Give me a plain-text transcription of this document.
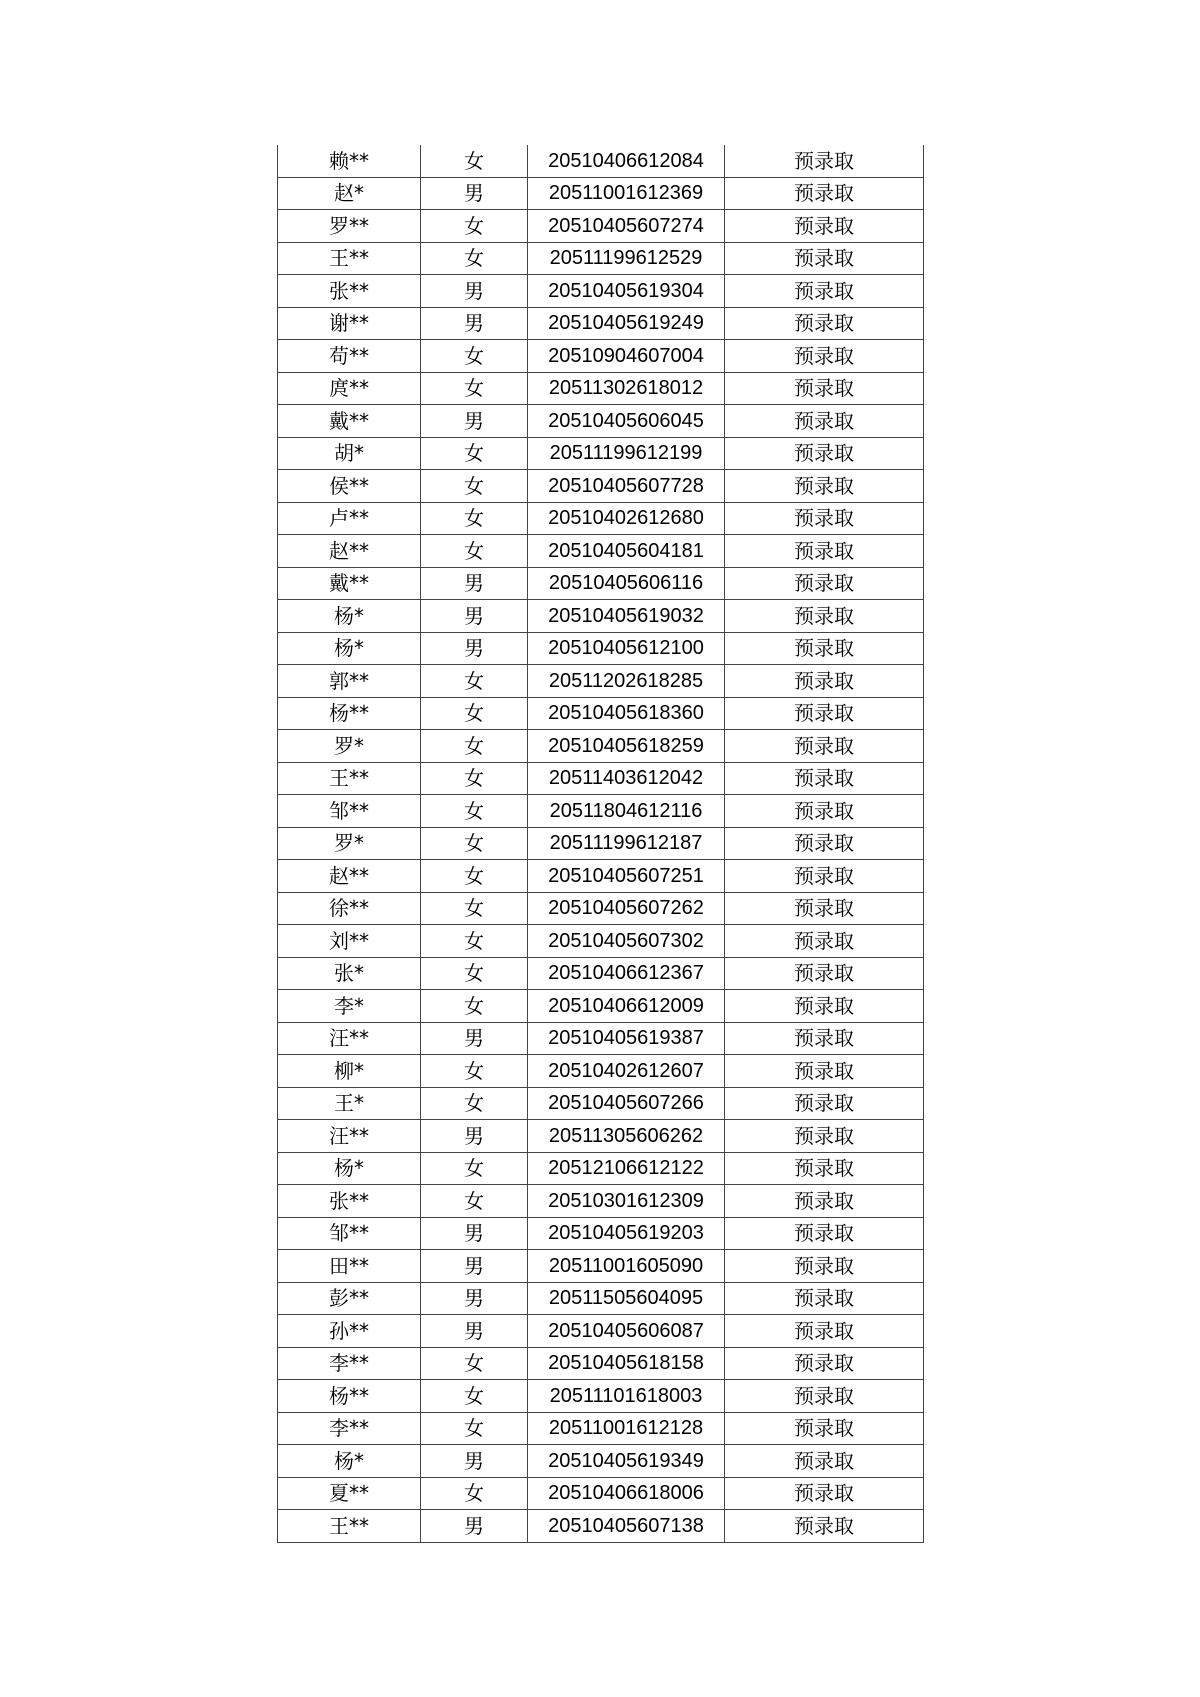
赖**	女	20510406612084	预录取
赵*	男	20511001612369	预录取
罗**	女	20510405607274	预录取
王**	女	20511199612529	预录取
张**	男	20510405619304	预录取
谢**	男	20510405619249	预录取
苟**	女	20510904607004	预录取
庹**	女	20511302618012	预录取
戴**	男	20510405606045	预录取
胡*	女	20511199612199	预录取
侯**	女	20510405607728	预录取
卢**	女	20510402612680	预录取
赵**	女	20510405604181	预录取
戴**	男	20510405606116	预录取
杨*	男	20510405619032	预录取
杨*	男	20510405612100	预录取
郭**	女	20511202618285	预录取
杨**	女	20510405618360	预录取
罗*	女	20510405618259	预录取
王**	女	20511403612042	预录取
邹**	女	20511804612116	预录取
罗*	女	20511199612187	预录取
赵**	女	20510405607251	预录取
徐**	女	20510405607262	预录取
刘**	女	20510405607302	预录取
张*	女	20510406612367	预录取
李*	女	20510406612009	预录取
汪**	男	20510405619387	预录取
柳*	女	20510402612607	预录取
王*	女	20510405607266	预录取
汪**	男	20511305606262	预录取
杨*	女	20512106612122	预录取
张**	女	20510301612309	预录取
邹**	男	20510405619203	预录取
田**	男	20511001605090	预录取
彭**	男	20511505604095	预录取
孙**	男	20510405606087	预录取
李**	女	20510405618158	预录取
杨**	女	20511101618003	预录取
李**	女	20511001612128	预录取
杨*	男	20510405619349	预录取
夏**	女	20510406618006	预录取
王**	男	20510405607138	预录取
